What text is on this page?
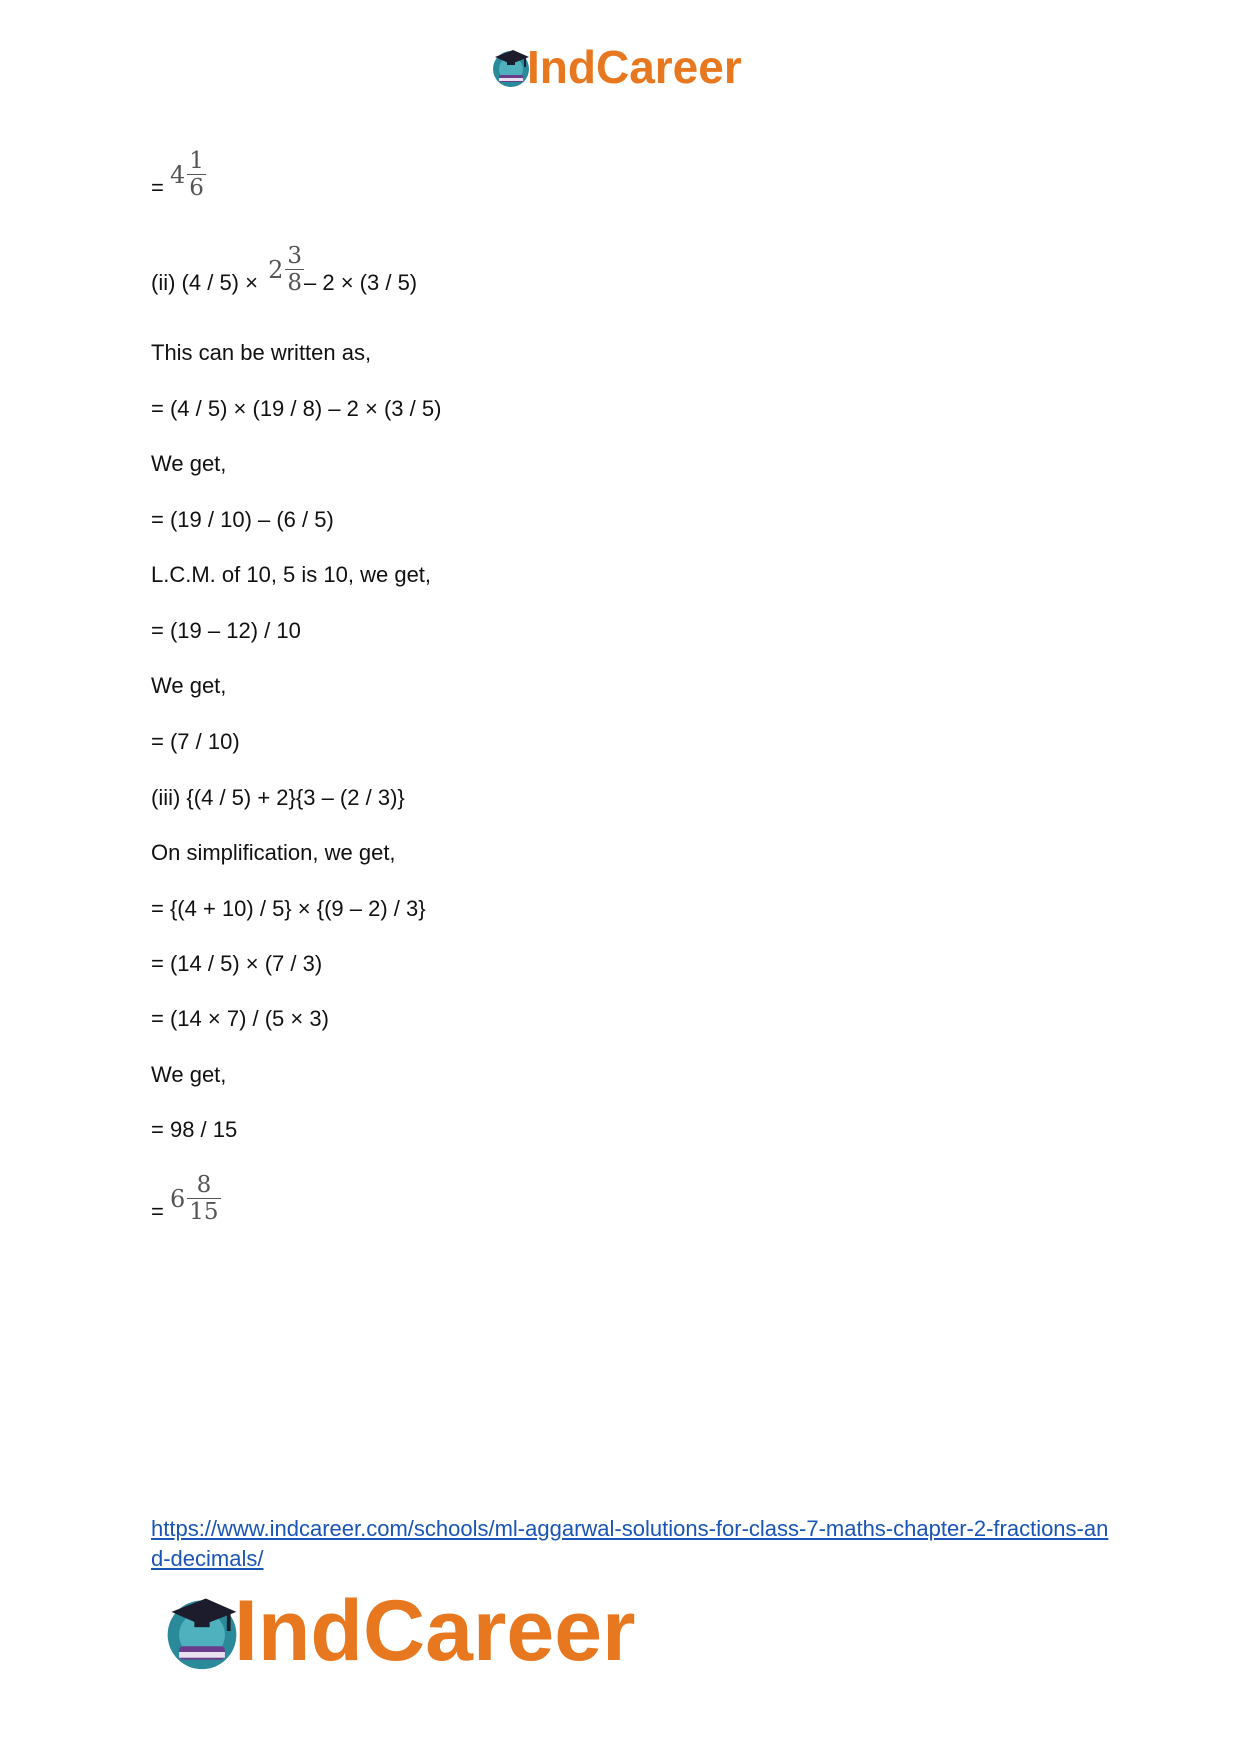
IndCareer
= $4 \frac{1}{6}$
(ii) $(4 / 5) \times 2 \frac{3}{8} - 2 \times (3 / 5)$
This can be written as,
= (4 / 5) × (19 / 8) – 2 × (3 / 5)
We get,
= (19 / 10) – (6 / 5)
L.C.M. of 10, 5 is 10, we get,
= (19 – 12) / 10
We get,
= (7 / 10)
(iii) {(4 / 5) + 2}{3 – (2 / 3)}
On simplification, we get,
= {(4 + 10) / 5} × {(9 – 2) / 3}
= (14 / 5) × (7 / 3)
= (14 × 7) / (5 × 3)
We get,
= 98 / 15
= $6 \frac{8}{15}$
https://www.indcareer.com/schools/ml-aggarwal-solutions-for-class-7-maths-chapter-2-fractions-and-decimals/
IndCareer
